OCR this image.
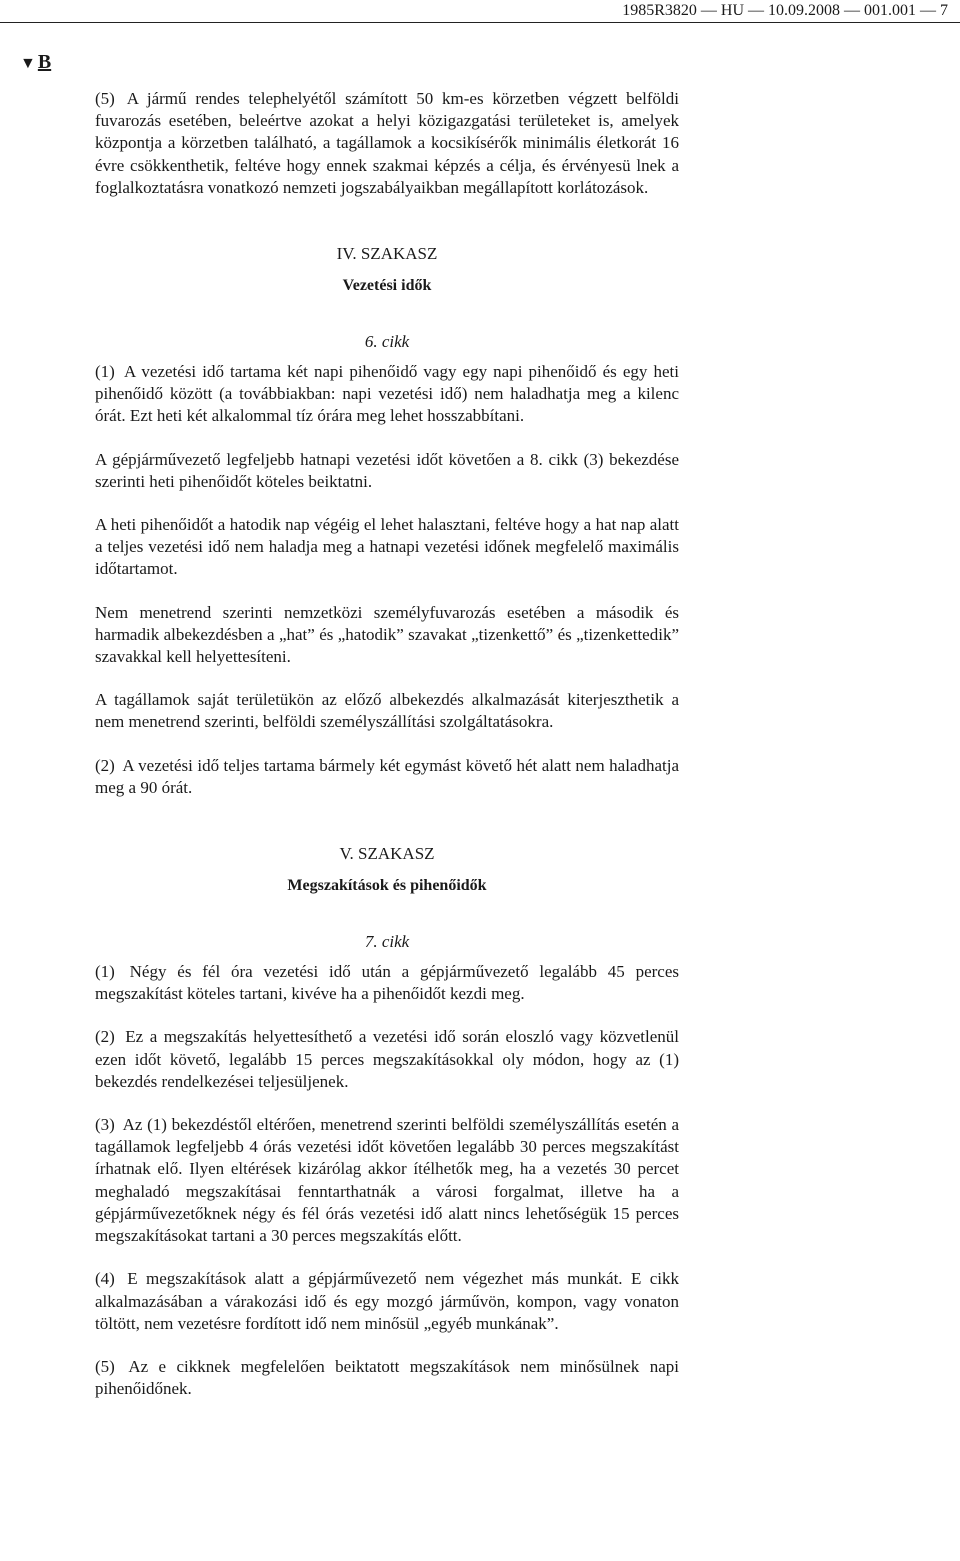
1985R3820 — HU — 10.09.2008 — 001.001 — 7
▼ B

(5) A jármű rendes telephelyétől számított 50 km-es körzetben végzett belföldi fuvarozás esetében, beleértve azokat a helyi közigazgatási területeket is, amelyek központja a körzetben található, a tagállamok a kocsikísérők minimális életkorát 16 évre csökkenthetik, feltéve hogy ennek szakmai képzés a célja, és érvényesü lnek a foglalkoztatásra vonatkozó nemzeti jogszabályaikban megállapított korlátozások.

IV. SZAKASZ
Vezetési idők
6. cikk

(1) A vezetési idő tartama két napi pihenőidő vagy egy napi pihenőidő és egy heti pihenőidő között (a továbbiakban: napi vezetési idő) nem haladhatja meg a kilenc órát. Ezt heti két alkalommal tíz órára meg lehet hosszabbítani.

A gépjárművezető legfeljebb hatnapi vezetési időt követően a 8. cikk (3) bekezdése szerinti heti pihenőidőt köteles beiktatni.

A heti pihenőidőt a hatodik nap végéig el lehet halasztani, feltéve hogy a hat nap alatt a teljes vezetési idő nem haladja meg a hatnapi vezetési időnek megfelelő maximális időtartamot.

Nem menetrend szerinti nemzetközi személyfuvarozás esetében a második és harmadik albekezdésben a „hat” és „hatodik” szavakat „tizenkettő” és „tizenkettedik” szavakkal kell helyettesíteni.

A tagállamok saját területükön az előző albekezdés alkalmazását kiterjeszthetik a nem menetrend szerinti, belföldi személyszállítási szolgáltatásokra.

(2) A vezetési idő teljes tartama bármely két egymást követő hét alatt nem haladhatja meg a 90 órát.

V. SZAKASZ
Megszakítások és pihenőidők
7. cikk

(1) Négy és fél óra vezetési idő után a gépjárművezető legalább 45 perces megszakítást köteles tartani, kivéve ha a pihenőidőt kezdi meg.

(2) Ez a megszakítás helyettesíthető a vezetési idő során eloszló vagy közvetlenül ezen időt követő, legalább 15 perces megszakításokkal oly módon, hogy az (1) bekezdés rendelkezései teljesüljenek.

(3) Az (1) bekezdéstől eltérően, menetrend szerinti belföldi személyszállítás esetén a tagállamok legfeljebb 4 órás vezetési időt követően legalább 30 perces megszakítást írhatnak elő. Ilyen eltérések kizárólag akkor ítélhetők meg, ha a vezetés 30 percet meghaladó megszakításai fenntarthatnák a városi forgalmat, illetve ha a gépjárművezetőknek négy és fél órás vezetési idő alatt nincs lehetőségük 15 perces megszakításokat tartani a 30 perces megszakítás előtt.

(4) E megszakítások alatt a gépjárművezető nem végezhet más munkát. E cikk alkalmazásában a várakozási idő és egy mozgó járművön, kompon, vagy vonaton töltött, nem vezetésre fordított idő nem minősül „egyéb munkának”.

(5) Az e cikknek megfelelően beiktatott megszakítások nem minősülnek napi pihenőidőnek.
